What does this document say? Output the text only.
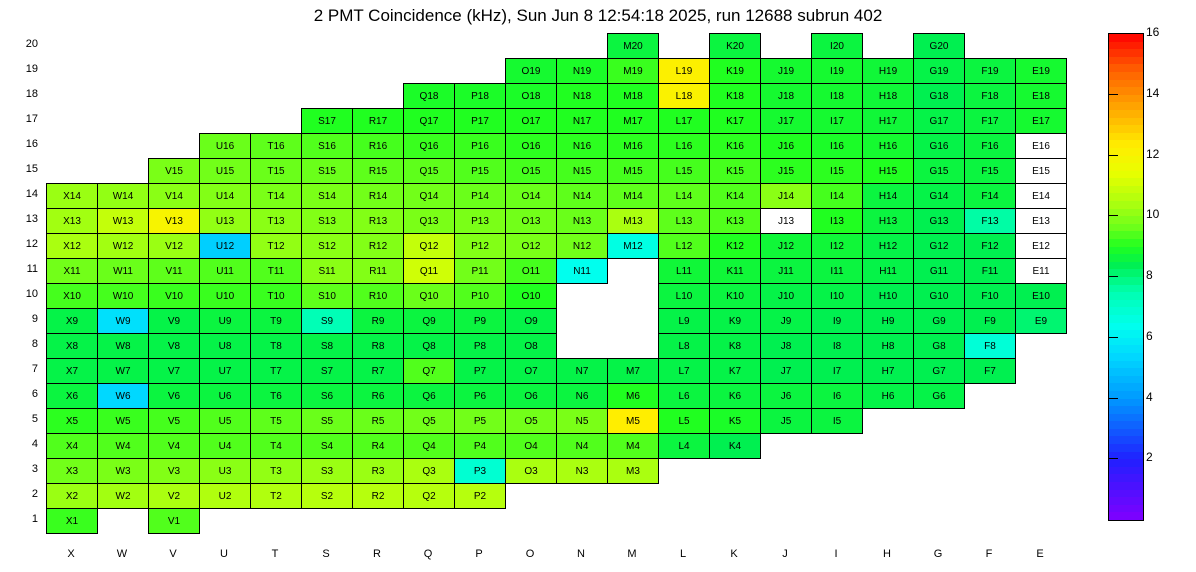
2 PMT Coincidence (kHz), Sun Jun 8 12:54:18 2025, run 12688 subrun 402
											M20		K20		I20		G20		
									O19	N19	M19	L19	K19	J19	I19	H19	G19	F19	E19
							Q18	P18	O18	N18	M18	L18	K18	J18	I18	H18	G18	F18	E18
					S17	R17	Q17	P17	O17	N17	M17	L17	K17	J17	I17	H17	G17	F17	E17
			U16	T16	S16	R16	Q16	P16	O16	N16	M16	L16	K16	J16	I16	H16	G16	F16	E16
		V15	U15	T15	S15	R15	Q15	P15	O15	N15	M15	L15	K15	J15	I15	H15	G15	F15	E15
X14	W14	V14	U14	T14	S14	R14	Q14	P14	O14	N14	M14	L14	K14	J14	I14	H14	G14	F14	E14
X13	W13	V13	U13	T13	S13	R13	Q13	P13	O13	N13	M13	L13	K13	J13	I13	H13	G13	F13	E13
X12	W12	V12	U12	T12	S12	R12	Q12	P12	O12	N12	M12	L12	K12	J12	I12	H12	G12	F12	E12
X11	W11	V11	U11	T11	S11	R11	Q11	P11	O11	N11		L11	K11	J11	I11	H11	G11	F11	E11
X10	W10	V10	U10	T10	S10	R10	Q10	P10	O10			L10	K10	J10	I10	H10	G10	F10	E10
X9	W9	V9	U9	T9	S9	R9	Q9	P9	O9			L9	K9	J9	I9	H9	G9	F9	E9
X8	W8	V8	U8	T8	S8	R8	Q8	P8	O8			L8	K8	J8	I8	H8	G8	F8	
X7	W7	V7	U7	T7	S7	R7	Q7	P7	O7	N7	M7	L7	K7	J7	I7	H7	G7	F7	
X6	W6	V6	U6	T6	S6	R6	Q6	P6	O6	N6	M6	L6	K6	J6	I6	H6	G6		
X5	W5	V5	U5	T5	S5	R5	Q5	P5	O5	N5	M5	L5	K5	J5	I5				
X4	W4	V4	U4	T4	S4	R4	Q4	P4	O4	N4	M4	L4	K4						
X3	W3	V3	U3	T3	S3	R3	Q3	P3	O3	N3	M3								
X2	W2	V2	U2	T2	S2	R2	Q2	P2											
X1		V1																	
20
19
18
17
16
15
14
13
12
11
10
9
8
7
6
5
4
3
2
1
X	W	V	U	T	S	R	Q	P	O	N	M	L	K	J	I	H	G	F	E
16
14
12
10
8
6
4
2
